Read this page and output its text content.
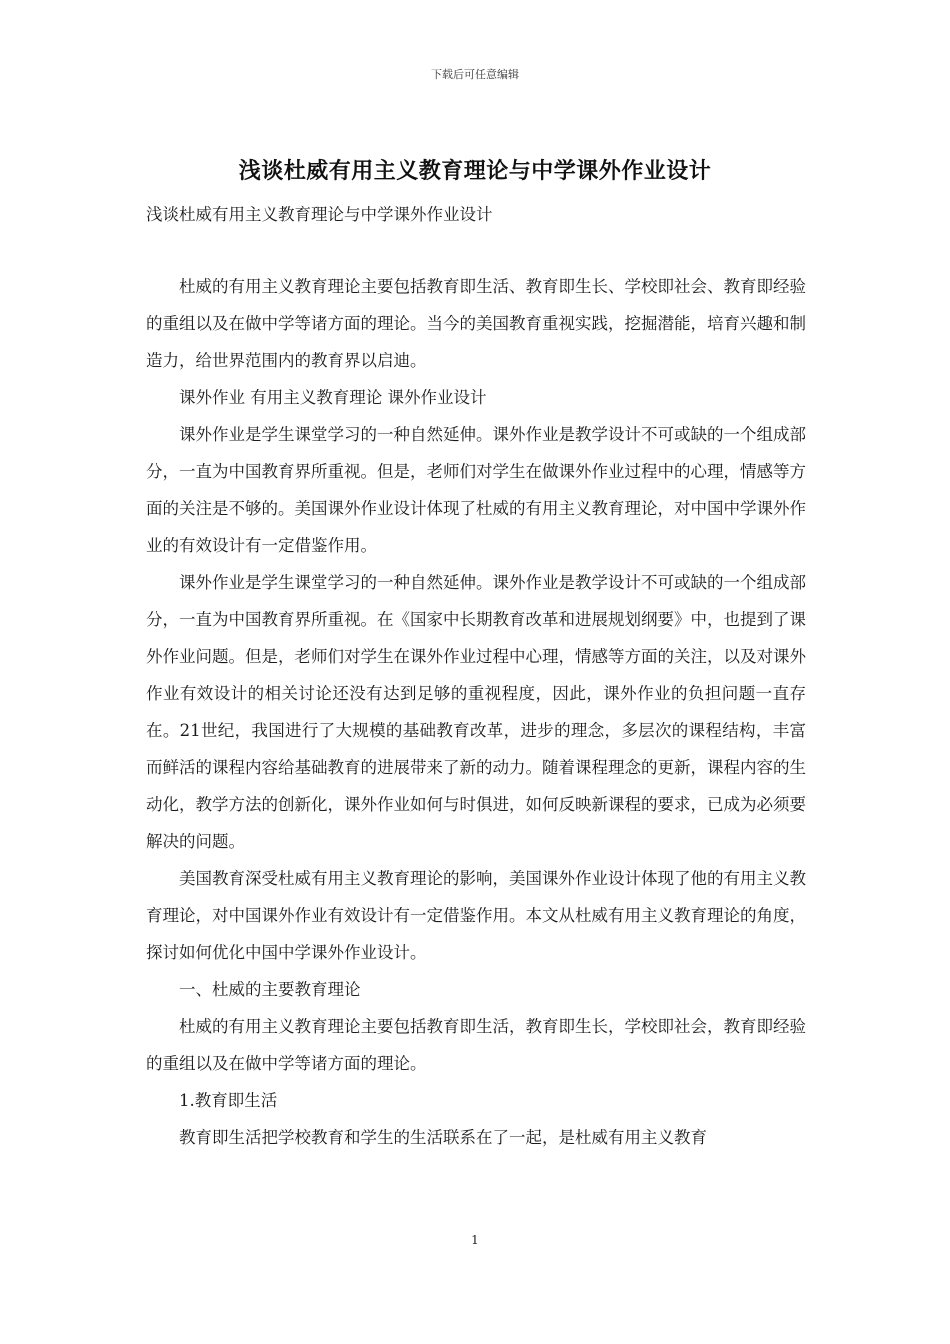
下载后可任意编辑
浅谈杜威有用主义教育理论与中学课外作业设计
浅谈杜威有用主义教育理论与中学课外作业设计

杜威的有用主义教育理论主要包括教育即生活、教育即生长、学校即社会、教育即经验的重组以及在做中学等诸方面的理论。当今的美国教育重视实践，挖掘潜能，培育兴趣和制造力，给世界范围内的教育界以启迪。

课外作业 有用主义教育理论 课外作业设计

课外作业是学生课堂学习的一种自然延伸。课外作业是教学设计不可或缺的一个组成部分，一直为中国教育界所重视。但是，老师们对学生在做课外作业过程中的心理，情感等方面的关注是不够的。美国课外作业设计体现了杜威的有用主义教育理论，对中国中学课外作业的有效设计有一定借鉴作用。

课外作业是学生课堂学习的一种自然延伸。课外作业是教学设计不可或缺的一个组成部分，一直为中国教育界所重视。在《国家中长期教育改革和进展规划纲要》中，也提到了课外作业问题。但是，老师们对学生在课外作业过程中心理，情感等方面的关注，以及对课外作业有效设计的相关讨论还没有达到足够的重视程度，因此，课外作业的负担问题一直存在。21世纪，我国进行了大规模的基础教育改革，进步的理念，多层次的课程结构，丰富而鲜活的课程内容给基础教育的进展带来了新的动力。随着课程理念的更新，课程内容的生动化，教学方法的创新化，课外作业如何与时俱进，如何反映新课程的要求，已成为必须要解决的问题。

美国教育深受杜威有用主义教育理论的影响，美国课外作业设计体现了他的有用主义教育理论，对中国课外作业有效设计有一定借鉴作用。本文从杜威有用主义教育理论的角度，探讨如何优化中国中学课外作业设计。

一、杜威的主要教育理论

杜威的有用主义教育理论主要包括教育即生活，教育即生长，学校即社会，教育即经验的重组以及在做中学等诸方面的理论。

1.教育即生活

教育即生活把学校教育和学生的生活联系在了一起，是杜威有用主义教育

1
